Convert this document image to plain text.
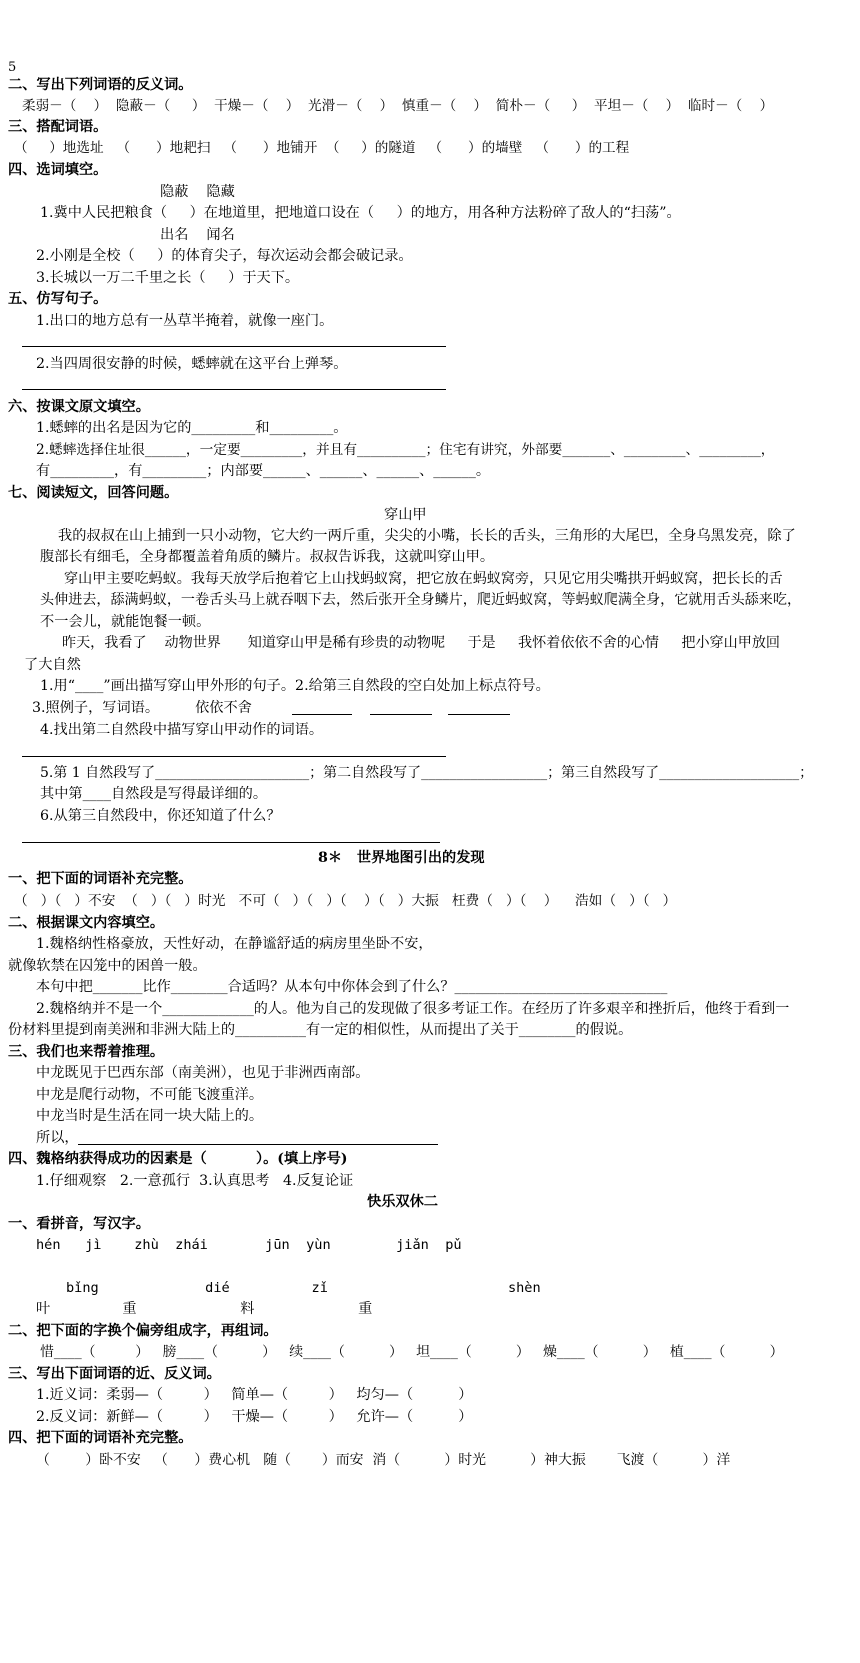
5
二、写出下列词语的反义词。
柔弱－（    ）  隐蔽－（     ）  干燥－（    ）  光滑－（    ）  慎重－（    ）  简朴－（     ）  平坦－（    ）  临时－（    ）
三、搭配词语。
（     ）地选址   （      ）地耙扫   （      ）地铺开  （     ）的隧道   （      ）的墙壁   （      ）的工程
四、选词填空。
隐蔽    隐藏
1.冀中人民把粮食（     ）在地道里，把地道口设在（     ）的地方，用各种方法粉碎了敌人的“扫荡”。
出名    闻名
2.小刚是全校（     ）的体育尖子，每次运动会都会破记录。
3.长城以一万二千里之长（     ）于天下。
五、仿写句子。
1.出口的地方总有一丛草半掩着，就像一座门。
2.当四周很安静的时候，蟋蟀就在这平台上弹琴。
六、按课文原文填空。
1.蟋蟀的出名是因为它的_________和_________。
2.蟋蟀选择住址很______，一定要_________，并且有__________；住宅有讲究，外部要_______、_________、_________，
有_________，有_________；内部要______、______、______、______。
七、阅读短文，回答问题。
穿山甲
我的叔叔在山上捕到一只小动物，它大约一两斤重，尖尖的小嘴，长长的舌头，三角形的大尾巴，全身乌黑发亮，除了
腹部长有细毛，全身都覆盖着角质的鳞片。叔叔告诉我，这就叫穿山甲。
穿山甲主要吃蚂蚁。我每天放学后抱着它上山找蚂蚁窝，把它放在蚂蚁窝旁，只见它用尖嘴拱开蚂蚁窝，把长长的舌
头伸进去，舔满蚂蚁，一卷舌头马上就吞咽下去，然后张开全身鳞片，爬近蚂蚁窝，等蚂蚁爬满全身，它就用舌头舔来吃，
不一会儿，就能饱餐一顿。
昨天，我看了    动物世界      知道穿山甲是稀有珍贵的动物呢     于是     我怀着依依不舍的心情     把小穿山甲放回
了大自然
1.用“____”画出描写穿山甲外形的句子。2.给第三自然段的空白处加上标点符号。
3.照例子，写词语。        依依不舍
4.找出第二自然段中描写穿山甲动作的词语。
5.第 1 自然段写了______________________；第二自然段写了__________________；第三自然段写了____________________；
其中第____自然段是写得最详细的。
6.从第三自然段中，你还知道了什么？
8＊   世界地图引出的发现
一、把下面的词语补充完整。
（   ）（   ）不安  （   ）（   ）时光   不可（   ）（   ）（    ）（   ）大振   枉费（   ）（    ）    浩如（   ）（   ）
二、根据课文内容填空。
1.魏格纳性格豪放，天性好动，在静谧舒适的病房里坐卧不安，
就像软禁在囚笼中的困兽一般。
本句中把_______比作________合适吗？从本句中你体会到了什么？______________________________
2.魏格纳并不是一个_____________的人。他为自己的发现做了很多考证工作。在经历了许多艰辛和挫折后，他终于看到一
份材料里提到南美洲和非洲大陆上的__________有一定的相似性，从而提出了关于________的假说。
三、我们也来帮着推理。
中龙既见于巴西东部（南美洲），也见于非洲西南部。
中龙是爬行动物，不可能飞渡重洋。
中龙当时是生活在同一块大陆上的。
所以，
四、魏格纳获得成功的因素是（          ）。(填上序号)
1.仔细观察   2.一意孤行  3.认真思考   4.反复论证
快乐双休二
一、看拼音，写汉字。
hén   jì    zhù  zhái       jūn  yùn        jiǎn  pǔ
bǐng             dié          zǐ                      shèn
叶                重                       料                       重
二、把下面的字换个偏旁组成字，再组词。
惜____（         ）   膀____（          ）   续____（          ）   坦____（          ）   燥____（          ）   植____（          ）
三、写出下面词语的近、反义词。
1.近义词：柔弱—（         ）   简单—（         ）   均匀—（          ）
2.反义词：新鲜—（         ）   干燥—（         ）   允许—（          ）
四、把下面的词语补充完整。
（        ）卧不安   （      ）费心机   随（       ）而安  消（          ）时光          ）神大振       飞渡（          ）洋
